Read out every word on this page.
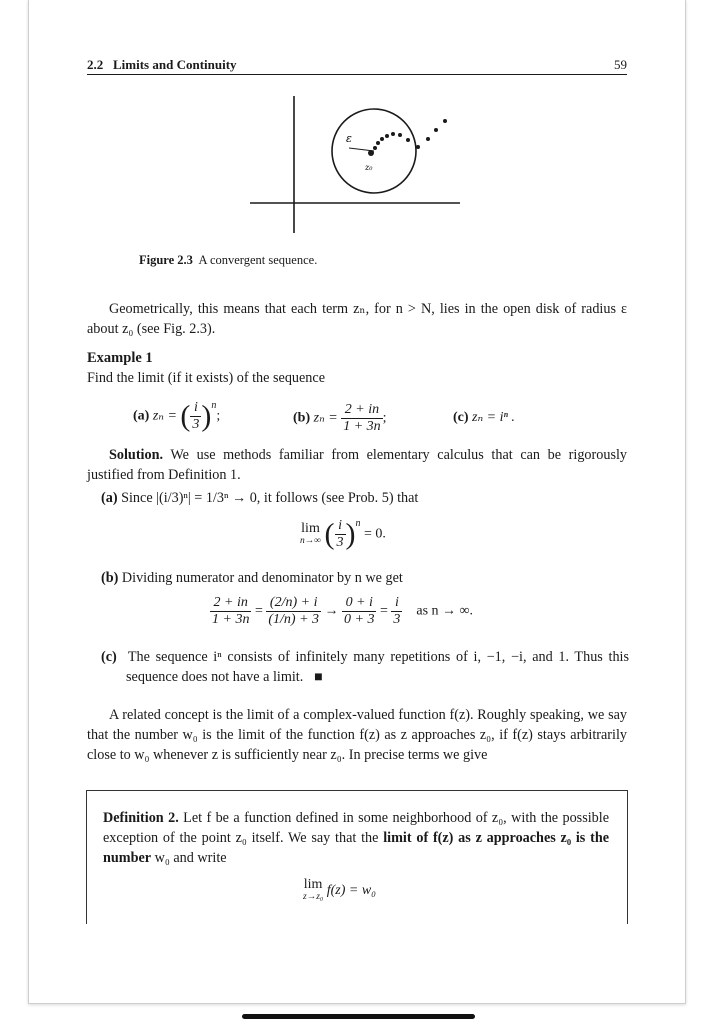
2.2   Limits and Continuity	59
ε
z₀
Figure 2.3 A convergent sequence.

Geometrically, this means that each term zₙ, for n > N, lies in the open disk of radius ε about z₀ (see Fig. 2.3).

Example 1
Find the limit (if it exists) of the sequence
(a) zₙ = ( $\frac{i}{3} )^n$;	(b) $z_n = \frac{2 + in}{1 + 3n}$ ;	(c) zₙ = iⁿ .

Solution. We use methods familiar from elementary calculus that can be rigorously justified from Definition 1.

(a) Since |(i/3)ⁿ| = 1/3ⁿ → 0, it follows (see Prob. 5) that
lim
n→∞ ( $\frac{i}{3} )^n = 0$.
(b) Dividing numerator and denominator by n we get
$\frac{2 + in}{1 + 3n} = \frac{(2/n) + i}{(1/n) + 3} \to \frac{0 + i}{0 + 3} = \frac{i}{3}$ as n → ∞.

(c) The sequence iⁿ consists of infinitely many repetitions of i, −1, −i, and 1. Thus this sequence does not have a limit. ■

A related concept is the limit of a complex-valued function f(z). Roughly speaking, we say that the number w₀ is the limit of the function f(z) as z approaches z₀, if f(z) stays arbitrarily close to w₀ whenever z is sufficiently near z₀. In precise terms we give

Definition 2. Let f be a function defined in some neighborhood of z₀, with the possible exception of the point z₀ itself. We say that the limit of f(z) as z approaches z₀ is the number w₀ and write

lim
z→z₀ f(z) = w₀
